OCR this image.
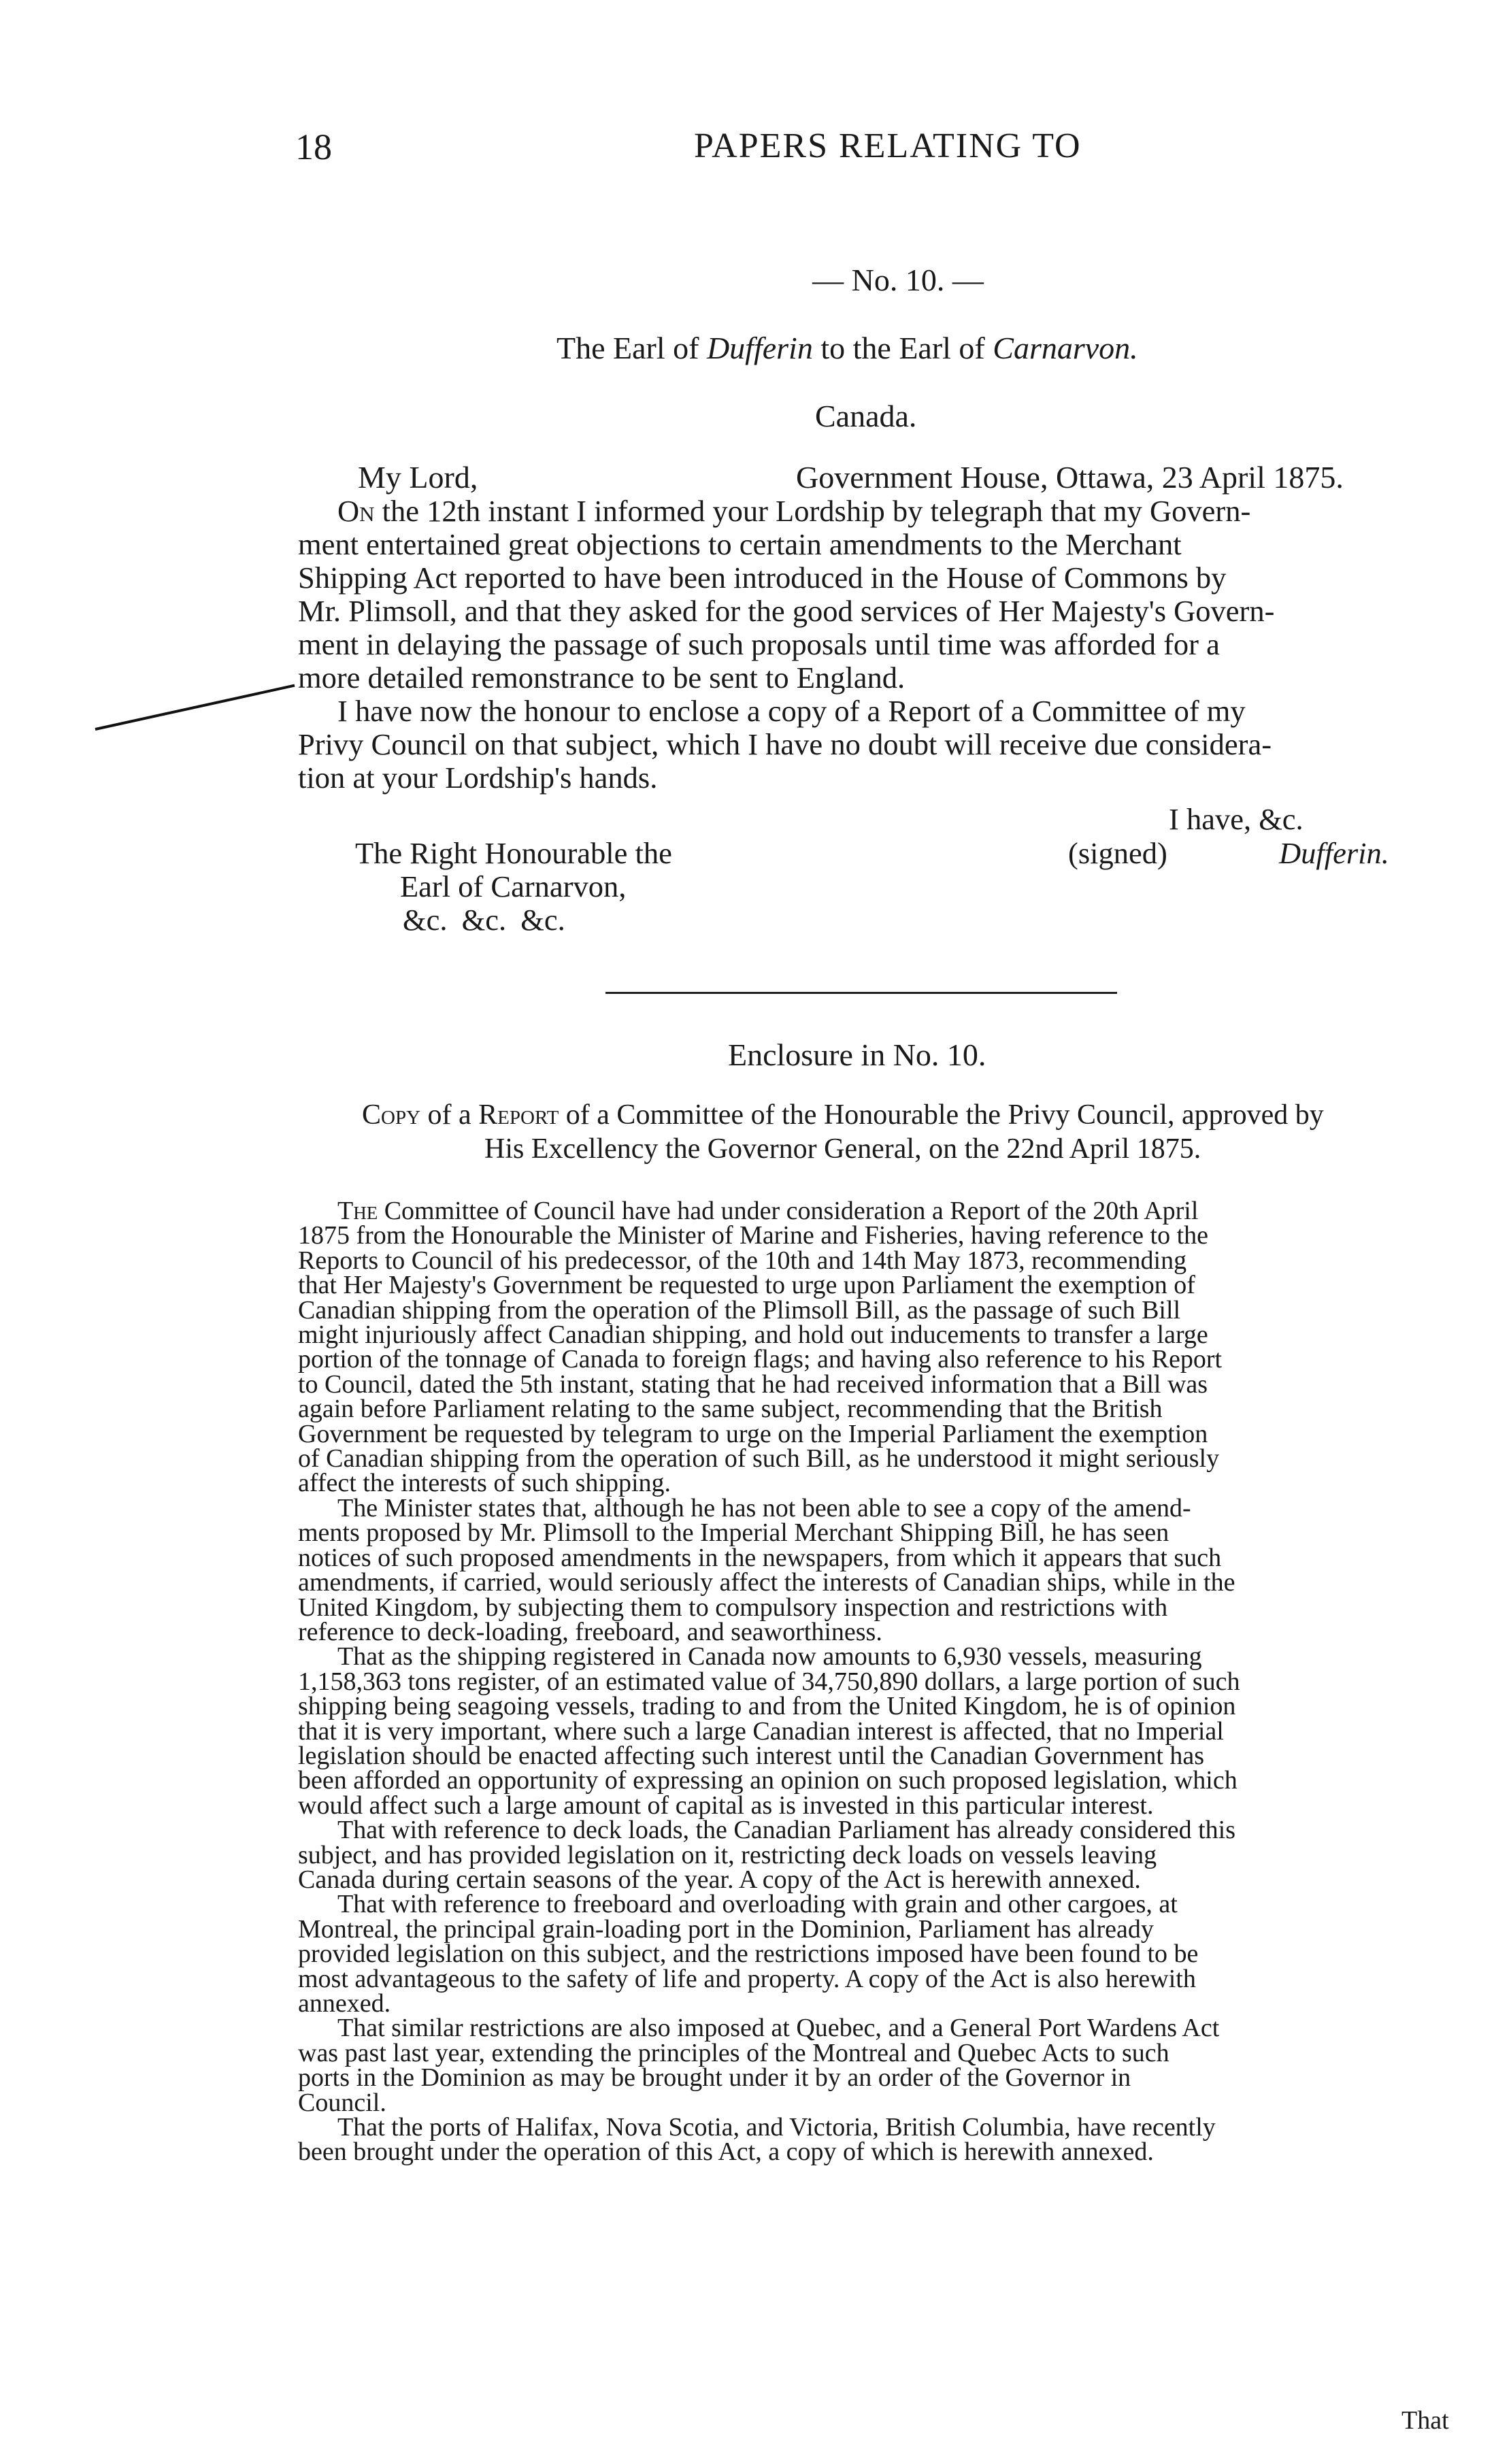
18	PAPERS RELATING TO
— No. 10. —
The Earl of Dufferin to the Earl of Carnarvon.
Canada.
My Lord,	Government House, Ottawa, 23 April 1875.
On the 12th instant I informed your Lordship by telegraph that my Govern-
ment entertained great objections to certain amendments to the Merchant
Shipping Act reported to have been introduced in the House of Commons by
Mr. Plimsoll, and that they asked for the good services of Her Majesty's Govern-
ment in delaying the passage of such proposals until time was afforded for a
more detailed remonstrance to be sent to England.
I have now the honour to enclose a copy of a Report of a Committee of my
Privy Council on that subject, which I have no doubt will receive due considera-
tion at your Lordship's hands.
I have, &c.
(signed)	Dufferin.
The Right Honourable the
Earl of Carnarvon,
&c. &c. &c.
Enclosure in No. 10.
Copy of a Report of a Committee of the Honourable the Privy Council, approved by
His Excellency the Governor General, on the 22nd April 1875.
The Committee of Council have had under consideration a Report of the 20th April
1875 from the Honourable the Minister of Marine and Fisheries, having reference to the
Reports to Council of his predecessor, of the 10th and 14th May 1873, recommending
that Her Majesty's Government be requested to urge upon Parliament the exemption of
Canadian shipping from the operation of the Plimsoll Bill, as the passage of such Bill
might injuriously affect Canadian shipping, and hold out inducements to transfer a large
portion of the tonnage of Canada to foreign flags; and having also reference to his Report
to Council, dated the 5th instant, stating that he had received information that a Bill was
again before Parliament relating to the same subject, recommending that the British
Government be requested by telegram to urge on the Imperial Parliament the exemption
of Canadian shipping from the operation of such Bill, as he understood it might seriously
affect the interests of such shipping.
The Minister states that, although he has not been able to see a copy of the amend-
ments proposed by Mr. Plimsoll to the Imperial Merchant Shipping Bill, he has seen
notices of such proposed amendments in the newspapers, from which it appears that such
amendments, if carried, would seriously affect the interests of Canadian ships, while in the
United Kingdom, by subjecting them to compulsory inspection and restrictions with
reference to deck-loading, freeboard, and seaworthiness.
That as the shipping registered in Canada now amounts to 6,930 vessels, measuring
1,158,363 tons register, of an estimated value of 34,750,890 dollars, a large portion of such
shipping being seagoing vessels, trading to and from the United Kingdom, he is of opinion
that it is very important, where such a large Canadian interest is affected, that no Imperial
legislation should be enacted affecting such interest until the Canadian Government has
been afforded an opportunity of expressing an opinion on such proposed legislation, which
would affect such a large amount of capital as is invested in this particular interest.
That with reference to deck loads, the Canadian Parliament has already considered this
subject, and has provided legislation on it, restricting deck loads on vessels leaving
Canada during certain seasons of the year. A copy of the Act is herewith annexed.
That with reference to freeboard and overloading with grain and other cargoes, at
Montreal, the principal grain-loading port in the Dominion, Parliament has already
provided legislation on this subject, and the restrictions imposed have been found to be
most advantageous to the safety of life and property. A copy of the Act is also herewith
annexed.
That similar restrictions are also imposed at Quebec, and a General Port Wardens Act
was past last year, extending the principles of the Montreal and Quebec Acts to such
ports in the Dominion as may be brought under it by an order of the Governor in
Council.
That the ports of Halifax, Nova Scotia, and Victoria, British Columbia, have recently
been brought under the operation of this Act, a copy of which is herewith annexed.
That
